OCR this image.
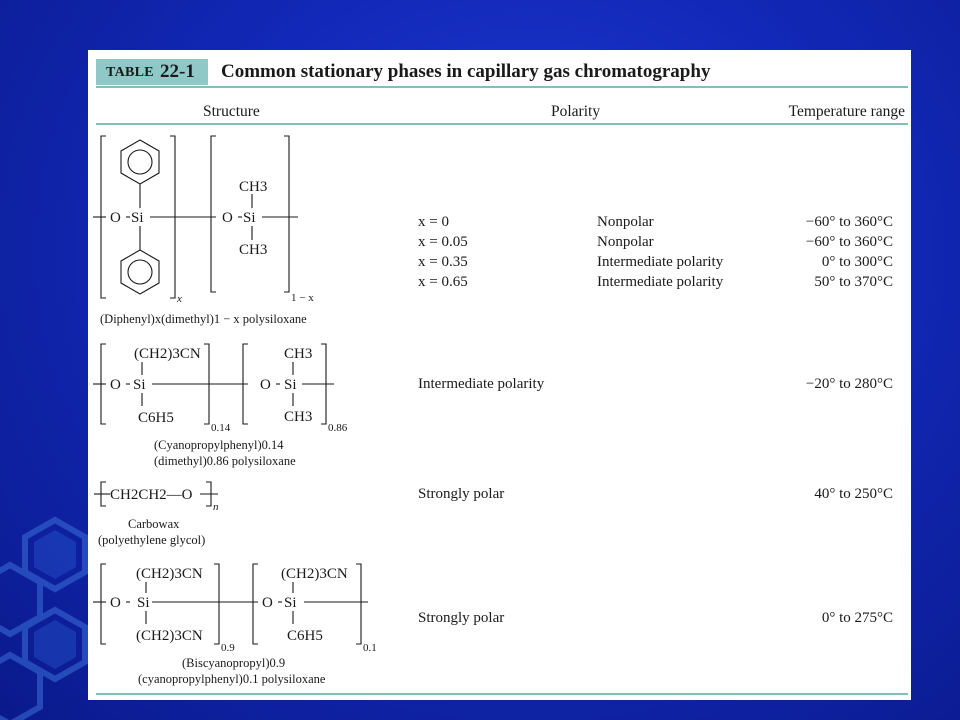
TABLE 22-1 Common stationary phases in capillary gas chromatography
Structure	Polarity	Temperature range
O Si	O Si
CH3
CH3
x	1 − x
(Diphenyl)x(dimethyl)1 − x polysiloxane
x = 0	Nonpolar	−60° to 360°C
x = 0.05	Nonpolar	−60° to 360°C
x = 0.35	Intermediate polarity	0° to 300°C
x = 0.65	Intermediate polarity	50° to 370°C
O Si
(CH2)3CN
C6H5
O Si
CH3
CH3
0.14	0.86
(Cyanopropylphenyl)0.14
(dimethyl)0.86 polysiloxane
Intermediate polarity	−20° to 280°C
CH2CH2—O
n
Carbowax
(polyethylene glycol)
Strongly polar	40° to 250°C
O Si
(CH2)3CN
(CH2)3CN
O Si
(CH2)3CN
C6H5
0.9	0.1
(Biscyanopropyl)0.9
(cyanopropylphenyl)0.1 polysiloxane
Strongly polar	0° to 275°C
